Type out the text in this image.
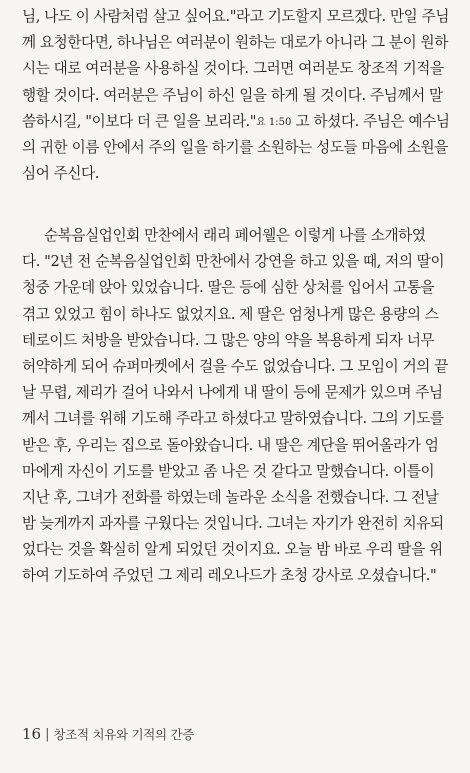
님, 나도 이 사람처럼 살고 싶어요."라고 기도할지 모르겠다. 만일 주님
께 요청한다면, 하나님은 여러분이 원하는 대로가 아니라 그 분이 원하
시는 대로 여러분을 사용하실 것이다. 그러면 여러분도 창조적 기적을
행할 것이다. 여러분은 주님이 하신 일을 하게 될 것이다. 주님께서 말
씀하시길, "이보다 더 큰 일을 보리라."요 1:50 고 하셨다. 주님은 예수님
의 귀한 이름 안에서 주의 일을 하기를 소원하는 성도들 마음에 소원을
심어 주신다.
순복음실업인회 만찬에서 래리 페어웰은 이렇게 나를 소개하였
다. "2년 전 순복음실업인회 만찬에서 강연을 하고 있을 때, 저의 딸이
청중 가운데 앉아 있었습니다. 딸은 등에 심한 상처를 입어서 고통을
겪고 있었고 힘이 하나도 없었지요. 제 딸은 엄청나게 많은 용량의 스
테로이드 처방을 받았습니다. 그 많은 양의 약을 복용하게 되자 너무
허약하게 되어 슈퍼마켓에서 걸을 수도 없었습니다. 그 모임이 거의 끝
날 무렵, 제리가 걸어 나와서 나에게 내 딸이 등에 문제가 있으며 주님
께서 그녀를 위해 기도해 주라고 하셨다고 말하였습니다. 그의 기도를
받은 후, 우리는 집으로 돌아왔습니다. 내 딸은 계단을 뛰어올라가 엄
마에게 자신이 기도를 받았고 좀 나은 것 같다고 말했습니다. 이틀이
지난 후, 그녀가 전화를 하였는데 놀라운 소식을 전했습니다. 그 전날
밤 늦게까지 과자를 구웠다는 것입니다. 그녀는 자기가 완전히 치유되
었다는 것을 확실히 알게 되었던 것이지요. 오늘 밤 바로 우리 딸을 위
하여 기도하여 주었던 그 제리 레오나드가 초청 강사로 오셨습니다."
16 | 창조적 치유와 기적의 간증
